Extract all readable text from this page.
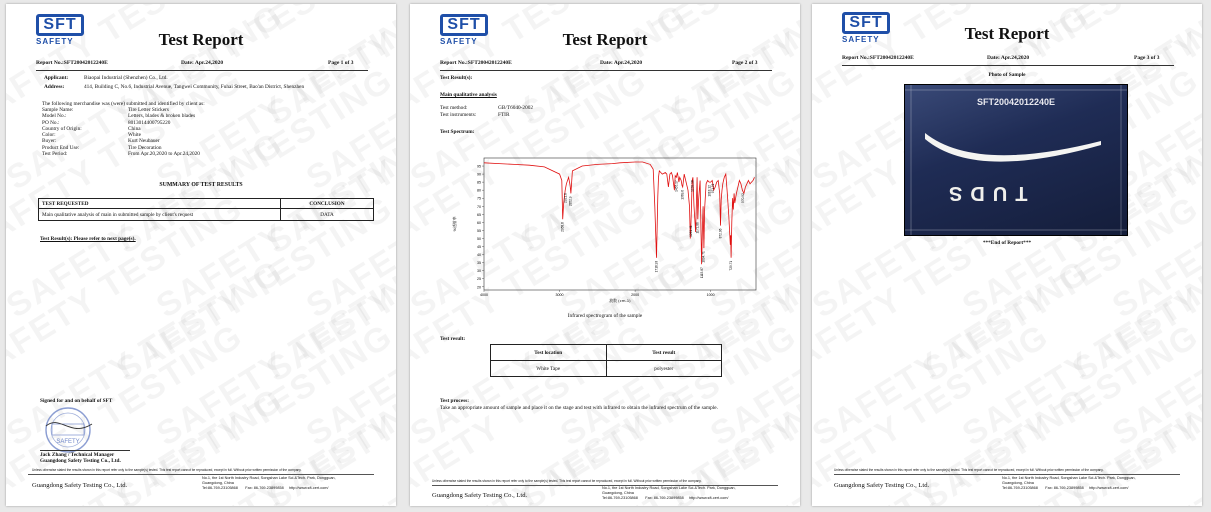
SFT
SAFETY	Test Report
Report No.:SFT20042012240E	Date: Apr.24,2020	Page 1 of 3
Applicant:	Biaopai Industrial (Shenzhen) Co., Ltd.
Address:	414, Building C, No.6, Industrial Avenue, Tangwei Community, Fuhai Street, Bao'an District, Shenzhen
The following merchandise was (were) submitted and identified by client as:
Sample Name:	Tire Letter Stickers
Model No.:	Letters, blades & broken blades
PO No.:	8013014400795220
Country of Origin:	China
Color:	White
Buyer:	Kurt Neubauer
Product End Use:	Tire Decoration
Test Period:	From Apr.20,2020 to Apr.24,2020
SUMMARY OF TEST RESULTS
TEST REQUESTED	CONCLUSION
Main qualitative analysis of main in submitted sample by client's request	DATA
Test Result(s): Please refer to next page(s).
Signed for and on behalf of SFT
SAFETY
Jack Zhang / Technical Manager
Guangdong Safety Testing Co., Ltd.
Unless otherwise stated the results shown in this report refer only to the sample(s) tested. This test report cannot be reproduced, except in full. Without prior written permission of the company.
Guangdong Safety Testing Co., Ltd.
No.1, the 1st North Industry Road, Songshan Lake Sci.&Tech. Park, Dongguan,
Guangdong, China
Tel:86-769-23105868 Fax: 86-769-23899858 http://www.sft-cert.com/
SFT
SAFETY	Test Report
Report No.:SFT20042012240E	Date: Apr.24,2020	Page 2 of 3
Test Result(s):
Main qualitative analysis
Test method:	GB/T6040-2002
Test instruments:	FTIR
Test Spectrum:
20
25
30
35
40
45
50
55
60
65
70
75
80
85
90
95
4000	3000	2000	1000
波数 (cm-1)
%透射率	2958.8
2921.8 2852.9
1716.93
1455.17
1369.6
1261.41
1239.18
1172.86
1115.87
1094.71
1018.12 971.91
872.06
729.71
570.92
Infrared spectrogram of the sample
Test result:
Test location	Test result
White Tape	polyester
Test process:
Take an appropriate amount of sample and place it on the stage and test with infrared to obtain the infrared spectrum of the sample.
Unless otherwise stated the results shown in this report refer only to the sample(s) tested. This test report cannot be reproduced, except in full. Without prior written permission of the company.
Guangdong Safety Testing Co., Ltd.
No.1, the 1st North Industry Road, Songshan Lake Sci.&Tech. Park, Dongguan,
Guangdong, China
Tel:86-769-23105868 Fax: 86-769-23899858 http://www.sft-cert.com/
SFT
SAFETY	Test Report
Report No.:SFT20042012240E	Date: Apr.24,2020	Page 3 of 3
Photo of Sample
SFT20042012240E
TUDS
***End of Report***
Unless otherwise stated the results shown in this report refer only to the sample(s) tested. This test report cannot be reproduced, except in full. Without prior written permission of the company.
Guangdong Safety Testing Co., Ltd.
No.1, the 1st North Industry Road, Songshan Lake Sci.&Tech. Park, Dongguan,
Guangdong, China
Tel:86-769-23105868 Fax: 86-769-23899858 http://www.sft-cert.com/
